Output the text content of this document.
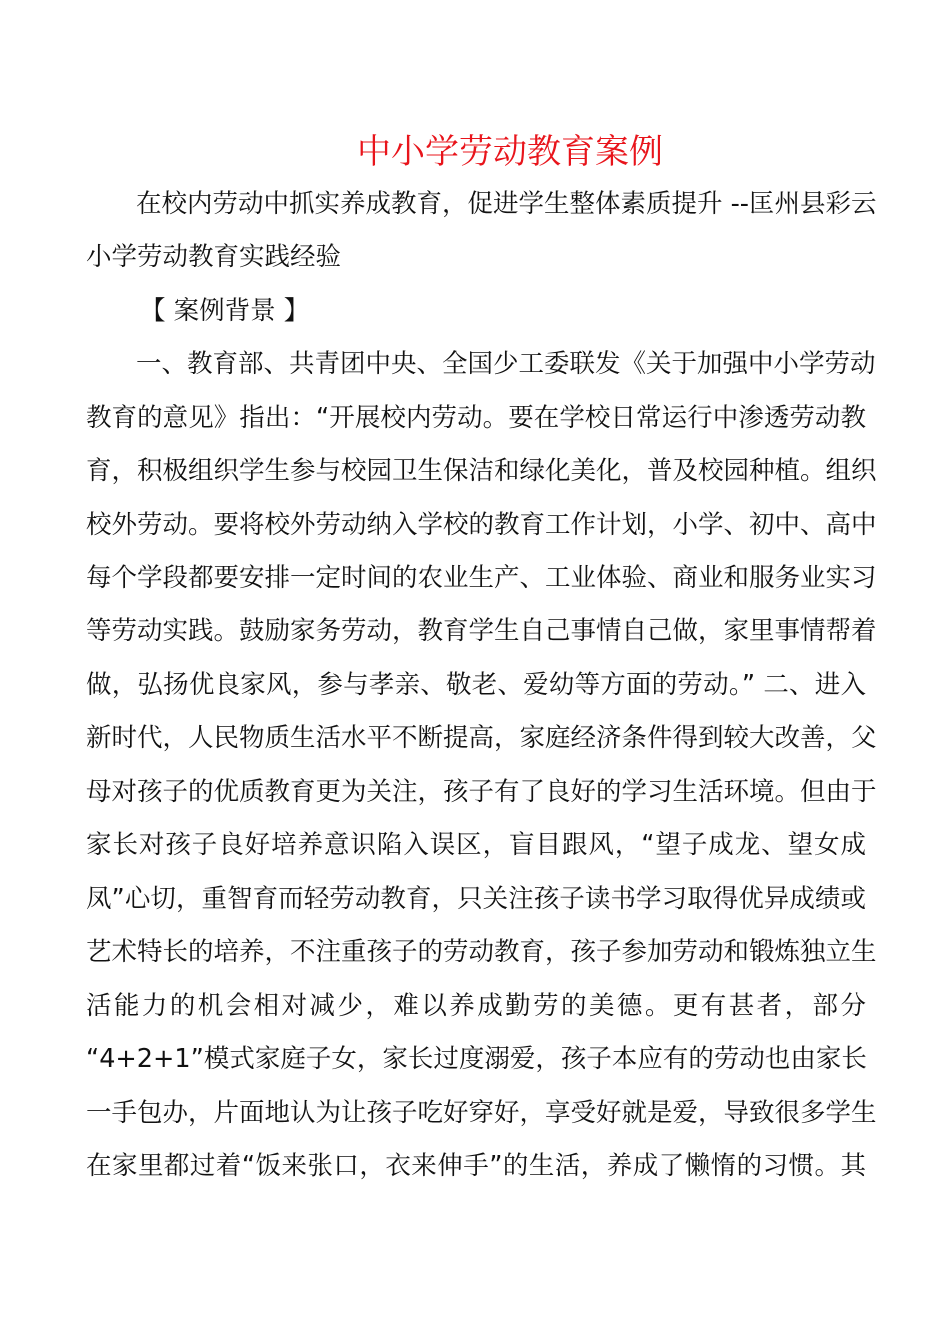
中小学劳动教育案例
在校内劳动中抓实养成教育，促进学生整体素质提升 --匡州县彩云
小学劳动教育实践经验
【 案例背景 】
一、教育部、共青团中央、全国少工委联发《关于加强中小学劳动
教育的意见》指出：“开展校内劳动。要在学校日常运行中渗透劳动教
育，积极组织学生参与校园卫生保洁和绿化美化，普及校园种植。组织
校外劳动。要将校外劳动纳入学校的教育工作计划，小学、初中、高中
每个学段都要安排一定时间的农业生产、工业体验、商业和服务业实习
等劳动实践。鼓励家务劳动，教育学生自己事情自己做，家里事情帮着
做，弘扬优良家风，参与孝亲、敬老、爱幼等方面的劳动。” 二、进入
新时代，人民物质生活水平不断提高，家庭经济条件得到较大改善，父
母对孩子的优质教育更为关注，孩子有了良好的学习生活环境。但由于
家长对孩子良好培养意识陷入误区，盲目跟风，“望子成龙、望女成
凤”心切，重智育而轻劳动教育，只关注孩子读书学习取得优异成绩或
艺术特长的培养，不注重孩子的劳动教育，孩子参加劳动和锻炼独立生
活能力的机会相对减少，难以养成勤劳的美德。更有甚者，部分
“4+2+1”模式家庭子女，家长过度溺爱，孩子本应有的劳动也由家长
一手包办，片面地认为让孩子吃好穿好，享受好就是爱，导致很多学生
在家里都过着“饭来张口，衣来伸手”的生活，养成了懒惰的习惯。其
